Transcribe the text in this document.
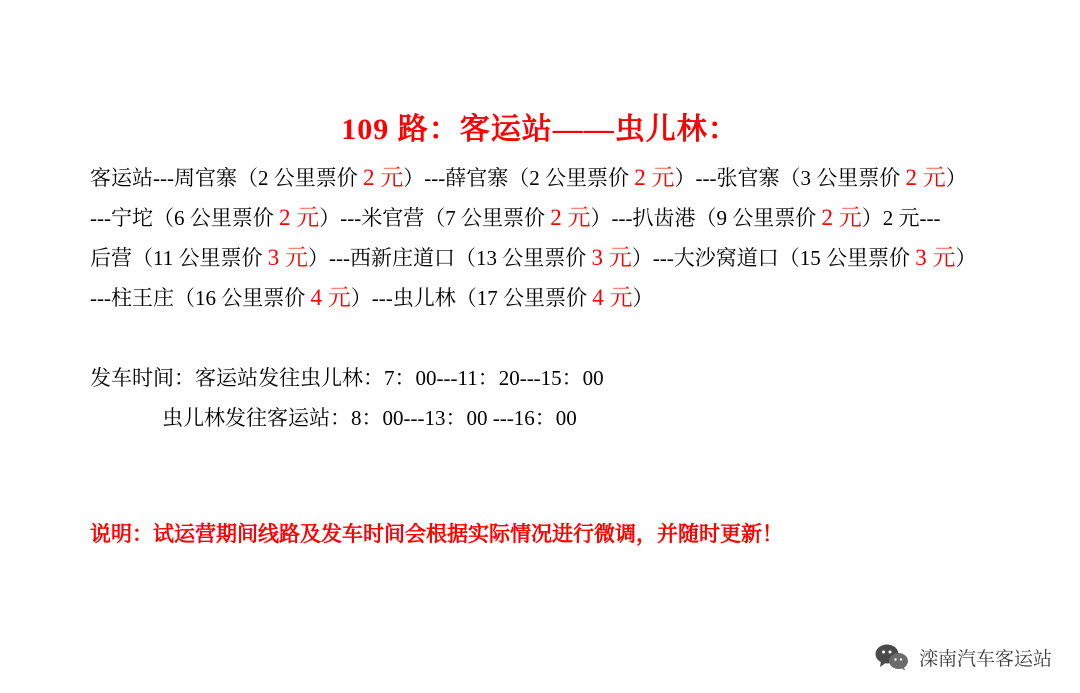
109 路：客运站——虫儿林：
客运站---周官寨（2 公里票价 2 元）---薛官寨（2 公里票价 2 元）---张官寨（3 公里票价 2 元）
---宁坨（6 公里票价 2 元）---米官营（7 公里票价 2 元）---扒齿港（9 公里票价 2 元）2 元---
后营（11 公里票价 3 元）---西新庄道口（13 公里票价 3 元）---大沙窝道口（15 公里票价 3 元）
---柱王庄（16 公里票价 4 元）---虫儿林（17 公里票价 4 元）
发车时间：客运站发往虫儿林：7：00---11：20---15：00
虫儿林发往客运站：8：00---13：00 ---16：00
说明：试运营期间线路及发车时间会根据实际情况进行微调，并随时更新！
滦南汽车客运站
